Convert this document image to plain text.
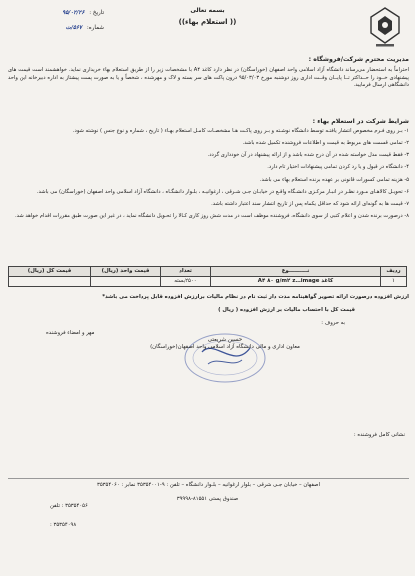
بسمه تعالی
(( استعلام بهاء))
تاریخ : ۹۵/۰۲/۲۶
شماره: ۵۶۷/ت
مدیریت محترم شرکت/فروشگاه :

احتراماً به استحضار می‌رساند دانشگاه آزاد اسلامی واحد اصفهان (خوراسگان) در نظر دارد کاغذ A۴ با مشخصات زیر را از طریق استعلام بهاء خریداری نماید. خواهشمند است قیمت های پیشنهادی خــود را حــداکثر تــا پایــان وقــت اداری روز دوشنبه مورخ ۹۵/۰۳/۰۳ درون پاکت های سر بسته و لاک و مهرشده ، شخصاً و یا به صورت پست پیشتاز به اداره دبیرخانه این واحد دانشگاهی ارسال فرمایید.

شرایط شرکت در استعلام بهاء :
۱- بـر روی فـرم مخصوص انتشار یافتـه توسط دانشگاه نوشـته و بـر روی پاکـت هـا مشخصـات کامـل استعلام بهـاء ( تاریخ ، شماره و نوع جنس ) نوشته شود.
۲- تمامی قسمت های مربوط به قیمت و اطلاعات فروشنده تکمیل شده باشد.
۳- فقط قیمت مدل خواسته شده در آن درج شده باشد و از ارائه پیشنهاد در آن خودداری گردد.
۴- دانشگاه در قبول و یا رد کردن تمامی پیشنهادات اختیار تام دارد.
۵- هزینه تمامی کسورات قانونی بر عهده برنده استعلام بهاء می باشد.
۶- تحویـل کالاهـای مـورد نظـر در انبـار مرکـزی دانشـگاه واقـع در خیابـان جـی شـرقی ، ارغوانیـه ، بلـوار دانشگـاه ، دانشگاه آزاد اسلامی واحد اصفهان (خوراسگان) می باشد.
۷- قیمت ها به گونه‌ای ارائه شود که حداقل یکماه پس از تاریخ انتشار سند اعتبار داشته باشد.
۸- درصورت برنده شدن و اعلام کتبی از سوی دانشگاه، فروشنده موظف است در مدت شش روز کاری کـالا را تحـویل دانشگاه نماید ، در غیر این صورت طبق مقررات اقدام خواهد شد.
ردیف	نــــــــــوع	تعداد	قیمت واحد (ریال)	قیمت کل (ریال)
۱	کاغذ A۴ ۸۰ g/m۲ z…image	۲۵۰۰بسته		
ارزش افزوده درصورت ارائه تصویر گواهینامه مدت دار ثبت نام در نظام مالیات برارزش افزوده قابل پرداخت می باشد*
قیمت کل با احتساب مالیات بر ارزش افزوده ( ریال )
به حروف :
مهر و امضاء فروشنده
حسین شریعتی
معاون اداری و مالی دانشگاه آزاد اسلامی واحد اصفهان(خوراسگان)
نشانی کامل فروشنده :
اصفهان – خیابان جـی شرقی – بلوار ارغوانیه – بلـوار دانشگاه – تلفن : ۹-۳۵۳۵۴۰۰۱ نمابر : ۳۵۳۵۴۰۶۰
صندوق پستی ۸۱۵۵۱-۳۹۹۹۸
۳۵۳۵۴۰۵۶ : تلفن
۳۵۳۵۴۰۹۸ :
